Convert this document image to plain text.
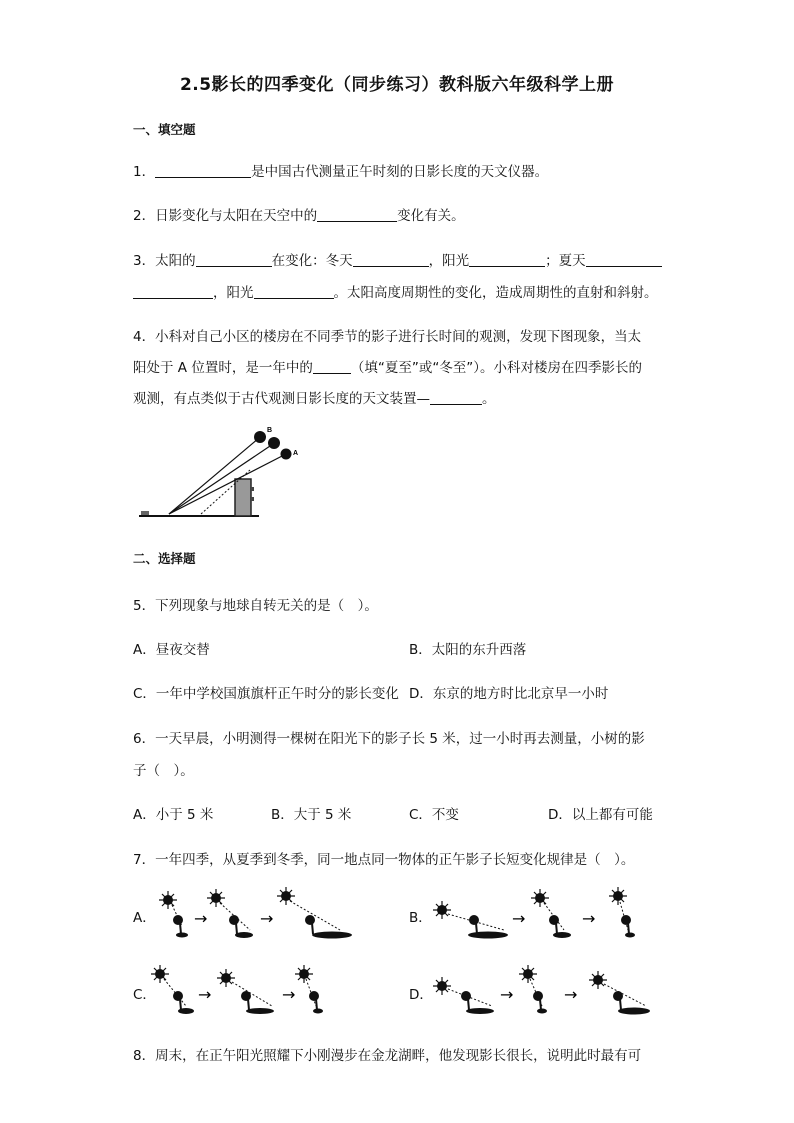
2.5影长的四季变化（同步练习）教科版六年级科学上册
一、填空题
1．	是中国古代测量正午时刻的日影长度的天文仪器。
2．日影变化与太阳在天空中的	变化有关。
3．太阳的	在变化：冬天	，阳光	；夏天
，阳光	。太阳高度周期性的变化，造成周期性的直射和斜射。
4．小科对自己小区的楼房在不同季节的影子进行长时间的观测，发现下图现象，当太
阳处于 A 位置时，是一年中的	（填“夏至”或“冬至”）。小科对楼房在四季影长的
观测，有点类似于古代观测日影长度的天文装置—	。
B
A
二、选择题
5．下列现象与地球自转无关的是（　）。
A．昼夜交替	B．太阳的东升西落
C．一年中学校国旗旗杆正午时分的影长变化 D．东京的地方时比北京早一小时
6．一天早晨，小明测得一棵树在阳光下的影子长 5 米，过一小时再去测量，小树的影
子（　）。
A．小于 5 米	B．大于 5 米	C．不变	D．以上都有可能
7．一年四季，从夏季到冬季，同一地点同一物体的正午影子长短变化规律是（　）。
A．	B．
C．	D．
→	→	→	→
→	→	→	→
8．周末，在正午阳光照耀下小刚漫步在金龙湖畔，他发现影长很长，说明此时最有可
